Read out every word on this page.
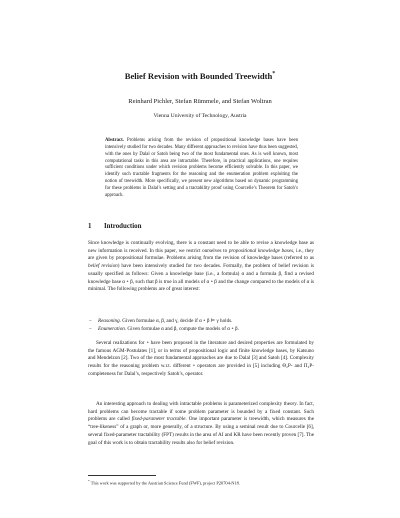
Belief Revision with Bounded Treewidth*
Reinhard Pichler, Stefan Rümmele, and Stefan Woltran
Vienna University of Technology, Austria

Abstract. Problems arising from the revision of propositional knowledge bases have been intensively studied for two decades. Many different approaches to revision have thus been suggested, with the ones by Dalal or Satoh being two of the most fundamental ones. As is well known, most computational tasks in this area are intractable. Therefore, in practical applications, one requires sufficient conditions under which revision problems become efficiently solvable. In this paper, we identify such tractable fragments for the reasoning and the enumeration problem exploiting the notion of treewidth. More specifically, we present new algorithms based on dynamic programming for these problems in Dalal’s setting and a tractability proof using Courcelle’s Theorem for Satoh’s approach.

1 Introduction

Since knowledge is continually evolving, there is a constant need to be able to revise a knowledge base as new information is received. In this paper, we restrict ourselves to propositional knowledge bases, i.e., they are given by propositional formulae. Problems arising from the revision of knowledge bases (referred to as belief revision) have been intensively studied for two decades. Formally, the problem of belief revision is usually specified as follows: Given a knowledge base (i.e., a formula) α and a formula β, find a revised knowledge base α ∘ β, such that β is true in all models of α ∘ β and the change compared to the models of α is minimal. The following problems are of great interest:

– Reasoning. Given formulae α, β, and γ, decide if α ∘ β ⊨ γ holds.
– Enumeration. Given formulae α and β, compute the models of α ∘ β.

Several realizations for ∘ have been proposed in the literature and desired properties are formulated by the famous AGM-Postulates [1], or in terms of propositional logic and finite knowledge bases, by Katsuno and Mendelzon [2]. Two of the most fundamental approaches are due to Dalal [3] and Satoh [4]. Complexity results for the reasoning problem w.r.t. different ∘ operators are provided in [5] including Θ₂P- and Π₂P-completeness for Dalal’s, respectively Satoh’s, operator.

An interesting approach to dealing with intractable problems is parameterized complexity theory. In fact, hard problems can become tractable if some problem parameter is bounded by a fixed constant. Such problems are called fixed-parameter tractable. One important parameter is treewidth, which measures the “tree-likeness” of a graph or, more generally, of a structure. By using a seminal result due to Courcelle [6], several fixed-parameter tractability (FPT) results in the area of AI and KR have been recently proven [7]. The goal of this work is to obtain tractability results also for belief revision.

* This work was supported by the Austrian Science Fund (FWF), project P20704-N18.
